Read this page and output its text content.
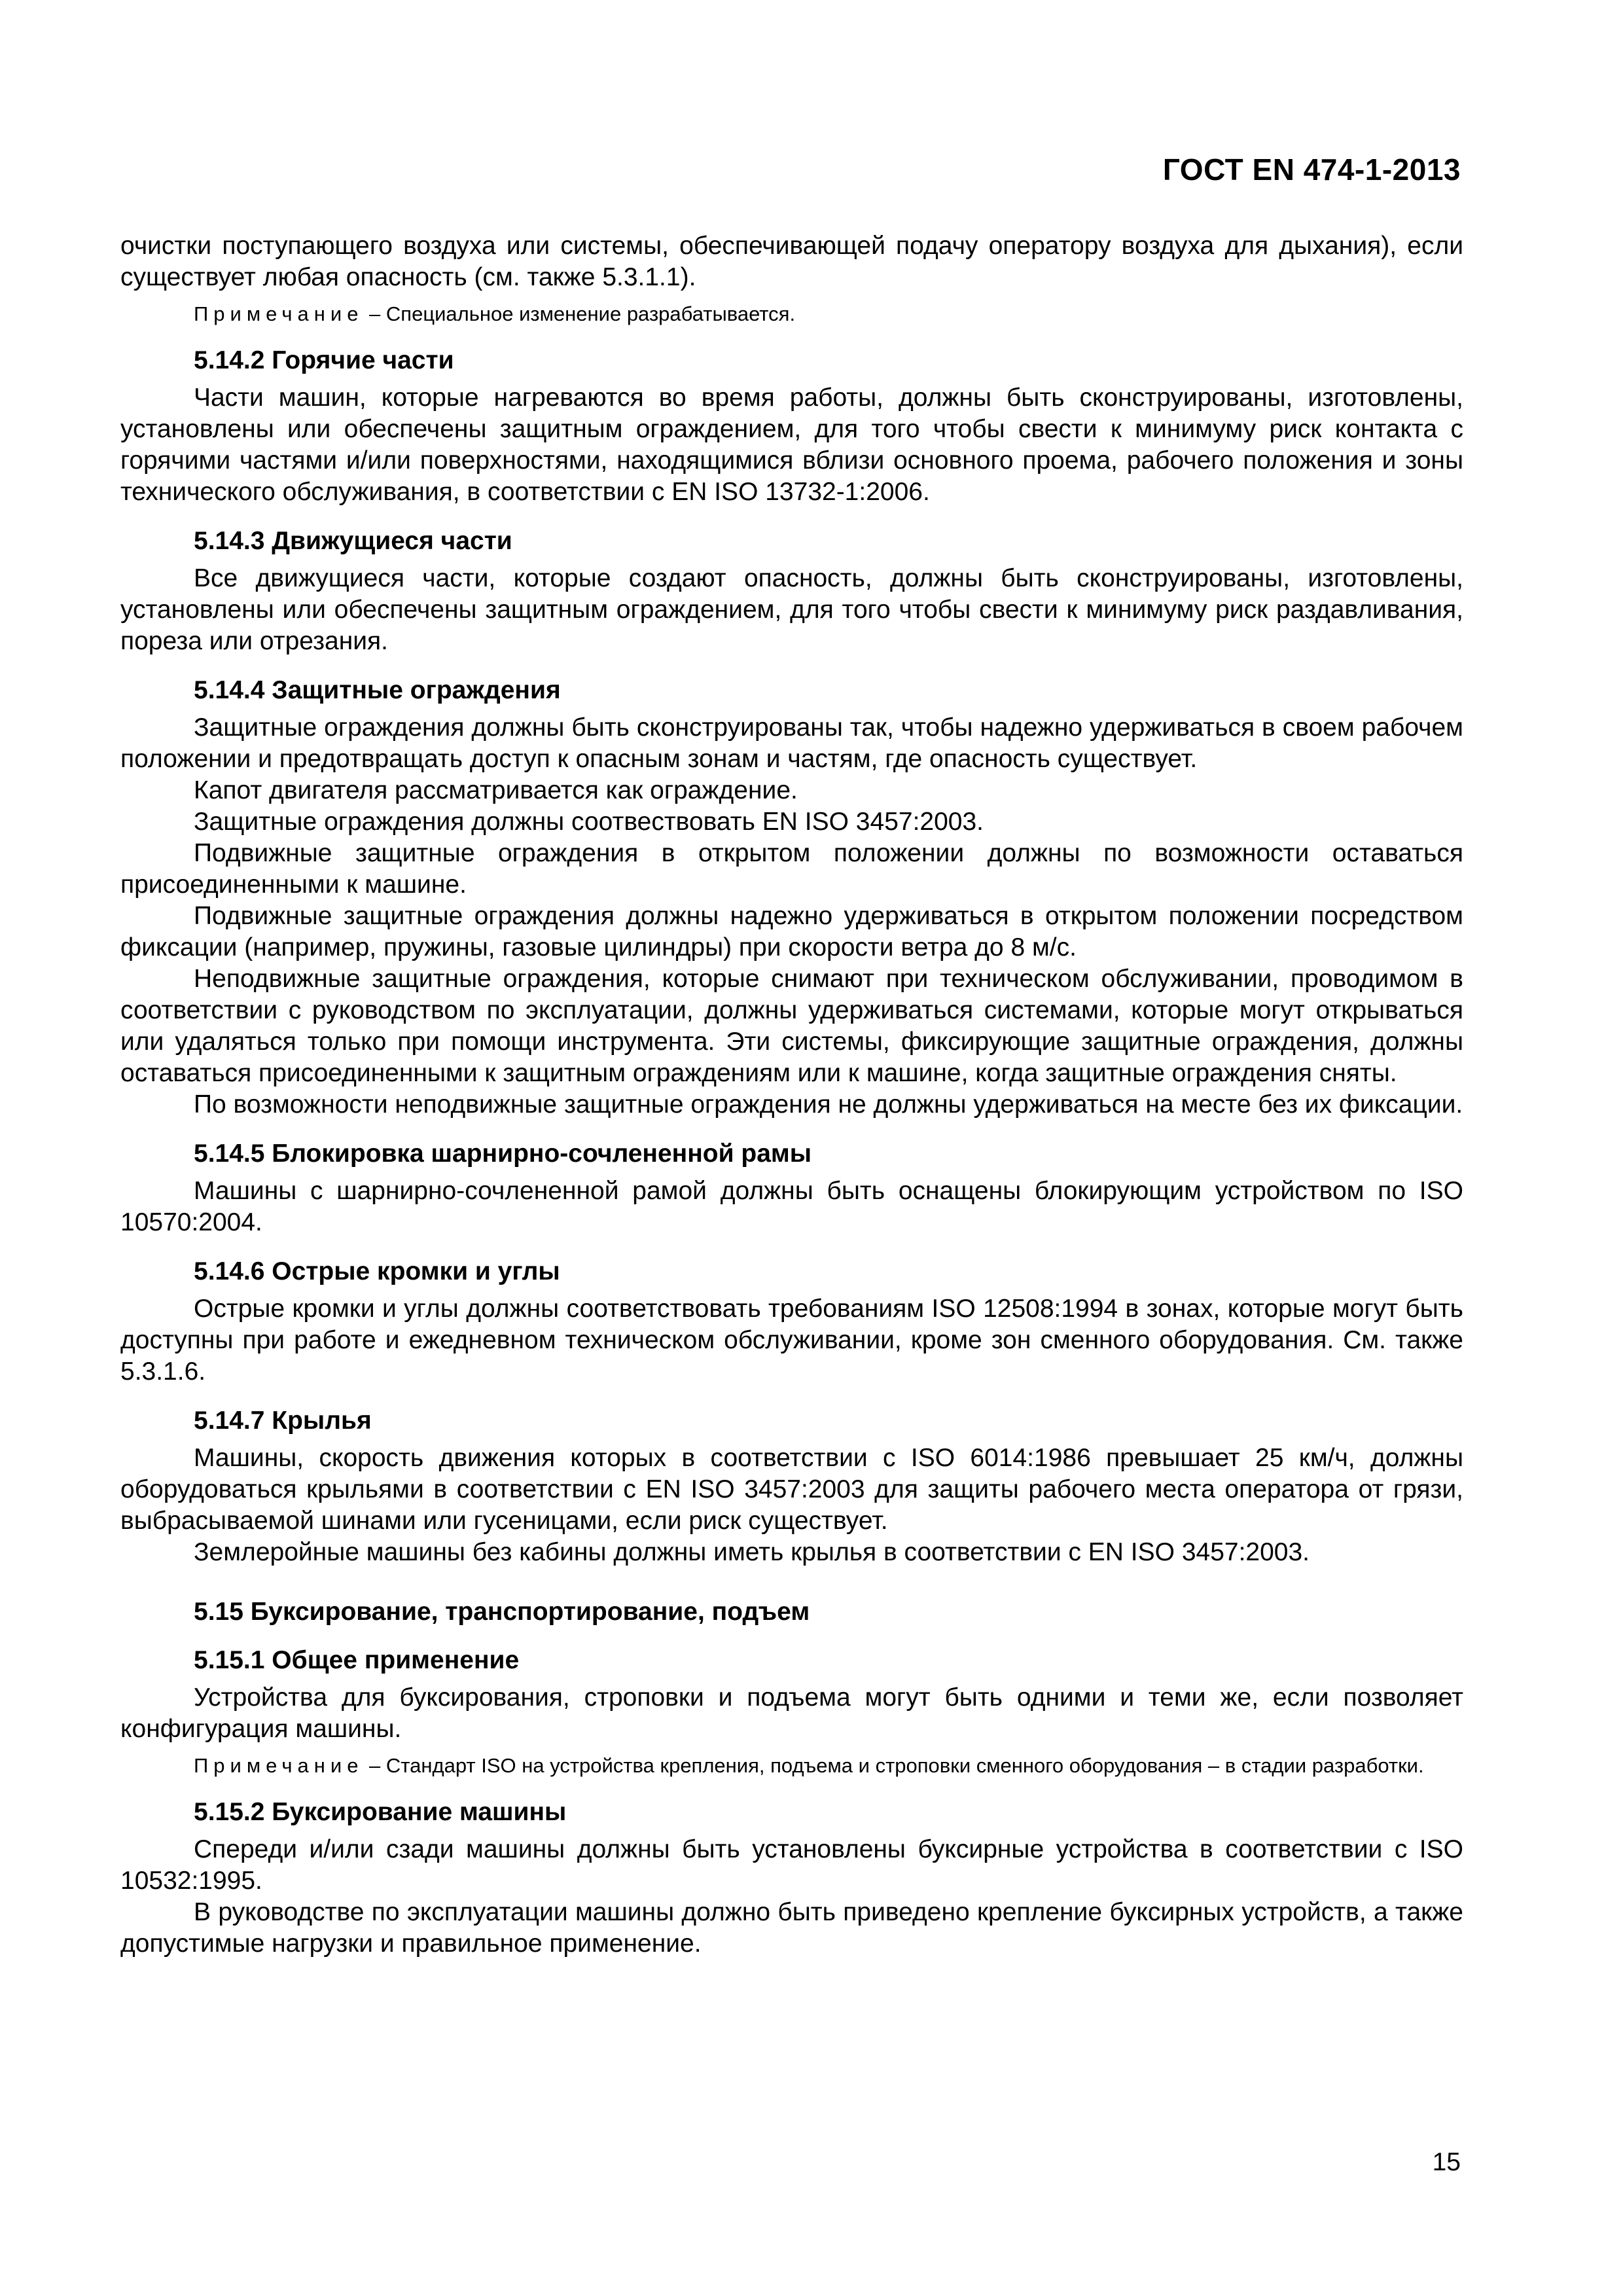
ГОСТ EN 474-1-2013

очистки поступающего воздуха или системы, обеспечивающей подачу оператору воздуха для дыхания), если существует любая опасность (см. также 5.3.1.1).

Примечание – Специальное изменение разрабатывается.
5.14.2 Горячие части

Части машин, которые нагреваются во время работы, должны быть сконструированы, изготовлены, установлены или обеспечены защитным ограждением, для того чтобы свести к минимуму риск контакта с горячими частями и/или поверхностями, находящимися вблизи основного проема, рабочего положения и зоны технического обслуживания, в соответствии с EN ISO 13732-1:2006.

5.14.3 Движущиеся части

Все движущиеся части, которые создают опасность, должны быть сконструированы, изготовлены, установлены или обеспечены защитным ограждением, для того чтобы свести к минимуму риск раздавливания, пореза или отрезания.

5.14.4 Защитные ограждения

Защитные ограждения должны быть сконструированы так, чтобы надежно удерживаться в своем рабочем положении и предотвращать доступ к опасным зонам и частям, где опасность существует.

Капот двигателя рассматривается как ограждение.

Защитные ограждения должны соотвествовать EN ISO 3457:2003.

Подвижные защитные ограждения в открытом положении должны по возможности оставаться присоединенными к машине.

Подвижные защитные ограждения должны надежно удерживаться в открытом положении посредством фиксации (например, пружины, газовые цилиндры) при скорости ветра до 8 м/с.

Неподвижные защитные ограждения, которые снимают при техническом обслуживании, проводимом в соответствии с руководством по эксплуатации, должны удерживаться системами, которые могут открываться или удаляться только при помощи инструмента. Эти системы, фиксирующие защитные ограждения, должны оставаться присоединенными к защитным ограждениям или к машине, когда защитные ограждения сняты.

По возможности неподвижные защитные ограждения не должны удерживаться на месте без их фиксации.

5.14.5 Блокировка шарнирно-сочлененной рамы

Машины с шарнирно-сочлененной рамой должны быть оснащены блокирующим устройством по ISO 10570:2004.

5.14.6 Острые кромки и углы

Острые кромки и углы должны соответствовать требованиям ISO 12508:1994 в зонах, которые могут быть доступны при работе и ежедневном техническом обслуживании, кроме зон сменного оборудования. См. также 5.3.1.6.

5.14.7 Крылья

Машины, скорость движения которых в соответствии с ISO 6014:1986 превышает 25 км/ч, должны оборудоваться крыльями в соответствии с EN ISO 3457:2003 для защиты рабочего места оператора от грязи, выбрасываемой шинами или гусеницами, если риск существует.

Землеройные машины без кабины должны иметь крылья в соответствии с EN ISO 3457:2003.

5.15 Буксирование, транспортирование, подъем
5.15.1 Общее применение

Устройства для буксирования, строповки и подъема могут быть одними и теми же, если позволяет конфигурация машины.

Примечание – Стандарт ISO на устройства крепления, подъема и строповки сменного оборудования – в стадии разработки.
5.15.2 Буксирование машины

Спереди и/или сзади машины должны быть установлены буксирные устройства в соответствии с ISO 10532:1995.

В руководстве по эксплуатации машины должно быть приведено крепление буксирных устройств, а также допустимые нагрузки и правильное применение.

15
